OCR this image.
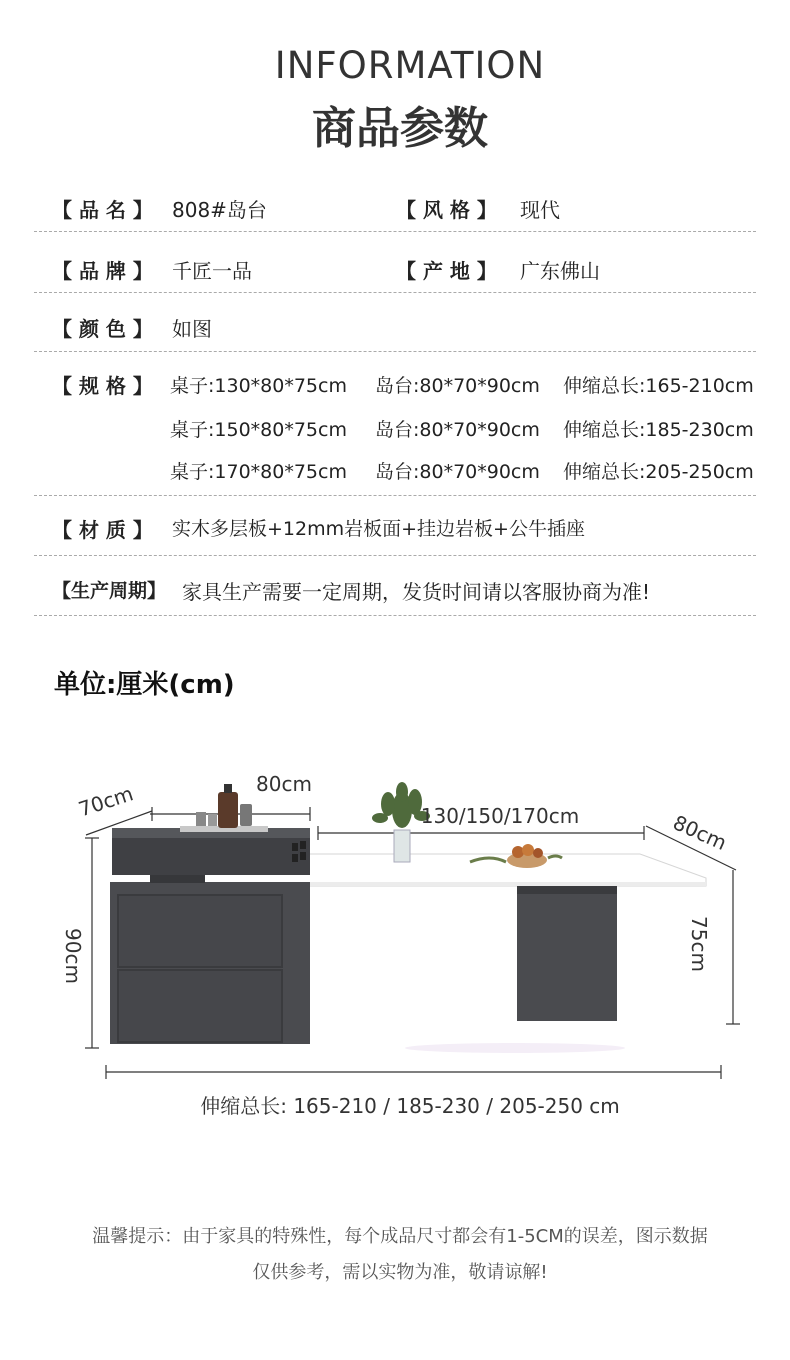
INFORMATION
商品参数
【 品 名 】 808#岛台	【 风 格 】 现代
【 品 牌 】 千匠一品	【 产 地 】 广东佛山
【 颜 色 】 如图
【 规 格 】 桌子:130*80*75cm 岛台:80*70*90cm 伸缩总长:165-210cm
桌子:150*80*75cm 岛台:80*70*90cm 伸缩总长:185-230cm
桌子:170*80*75cm 岛台:80*70*90cm 伸缩总长:205-250cm
【 材 质 】 实木多层板+12mm岩板面+挂边岩板+公牛插座
【生产周期】 家具生产需要一定周期，发货时间请以客服协商为准!
单位:厘米(cm)
70cm	80cm
130/150/170cm	80cm
90cm	75cm
伸缩总长: 165-210 / 185-230 / 205-250 cm
温馨提示：由于家具的特殊性，每个成品尺寸都会有1-5CM的误差，图示数据
仅供参考，需以实物为准，敬请谅解!
